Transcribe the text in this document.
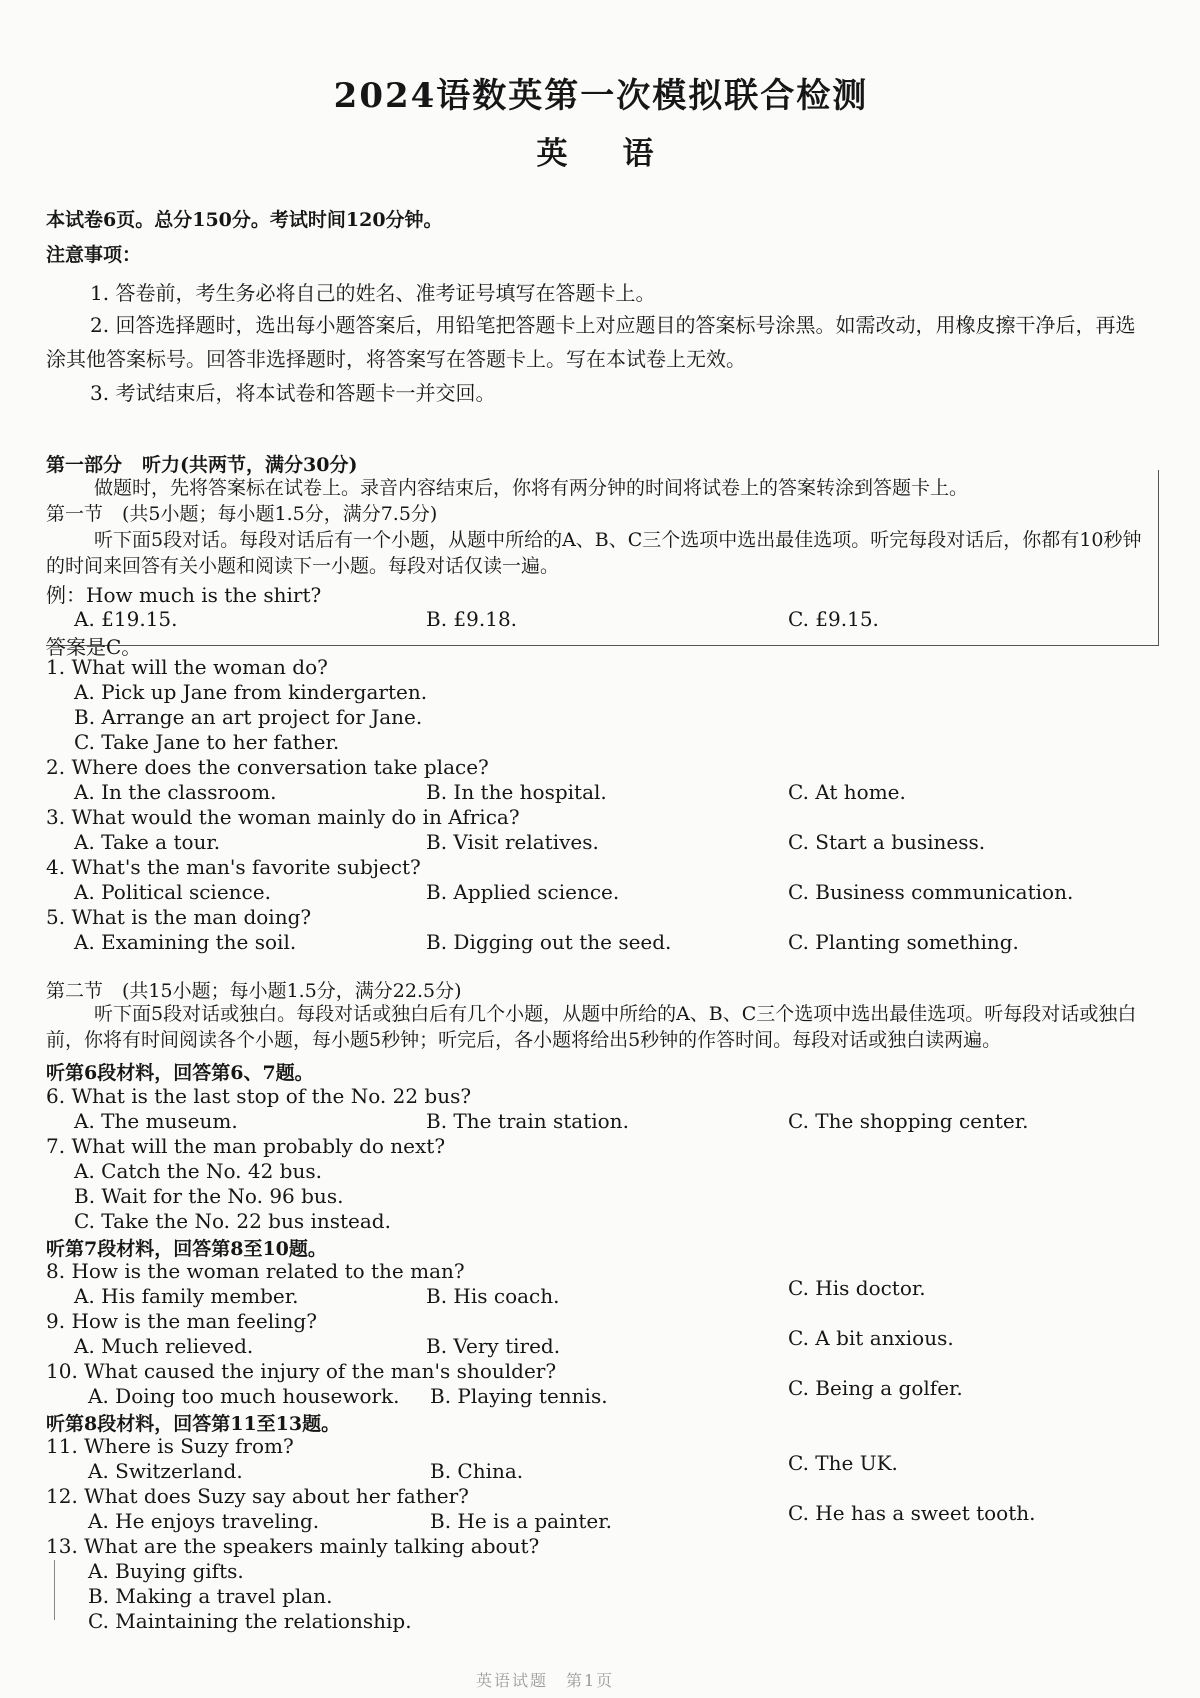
2024语数英第一次模拟联合检测
英　语
本试卷6页。总分150分。考试时间120分钟。
注意事项：
1. 答卷前，考生务必将自己的姓名、准考证号填写在答题卡上。
2. 回答选择题时，选出每小题答案后，用铅笔把答题卡上对应题目的答案标号涂黑。如需改动，用橡皮擦干净后，再选涂其他答案标号。回答非选择题时，将答案写在答题卡上。写在本试卷上无效。
3. 考试结束后，将本试卷和答题卡一并交回。
第一部分 听力(共两节，满分30分)
做题时，先将答案标在试卷上。录音内容结束后，你将有两分钟的时间将试卷上的答案转涂到答题卡上。
第一节　(共5小题；每小题1.5分，满分7.5分)
听下面5段对话。每段对话后有一个小题，从题中所给的A、B、C三个选项中选出最佳选项。听完每段对话后，你都有10秒钟的时间来回答有关小题和阅读下一小题。每段对话仅读一遍。
例：How much is the shirt?
A. £19.15.	B. £9.18.	C. £9.15.
答案是C。
1. What will the woman do?
A. Pick up Jane from kindergarten.
B. Arrange an art project for Jane.
C. Take Jane to her father.
2. Where does the conversation take place?
A. In the classroom.	B. In the hospital.	C. At home.
3. What would the woman mainly do in Africa?
A. Take a tour.	B. Visit relatives.	C. Start a business.
4. What's the man's favorite subject?
A. Political science.	B. Applied science.	C. Business communication.
5. What is the man doing?
A. Examining the soil.	B. Digging out the seed.	C. Planting something.
第二节　(共15小题；每小题1.5分，满分22.5分)
听下面5段对话或独白。每段对话或独白后有几个小题，从题中所给的A、B、C三个选项中选出最佳选项。听每段对话或独白前，你将有时间阅读各个小题，每小题5秒钟；听完后，各小题将给出5秒钟的作答时间。每段对话或独白读两遍。
听第6段材料，回答第6、7题。
6. What is the last stop of the No. 22 bus?
A. The museum.	B. The train station.	C. The shopping center.
7. What will the man probably do next?
A. Catch the No. 42 bus.
B. Wait for the No. 96 bus.
C. Take the No. 22 bus instead.
听第7段材料，回答第8至10题。
8. How is the woman related to the man?
A. His family member.	B. His coach.	C. His doctor.
9. How is the man feeling?
A. Much relieved.	B. Very tired.	C. A bit anxious.
10. What caused the injury of the man's shoulder?
A. Doing too much housework. B. Playing tennis.	C. Being a golfer.
听第8段材料，回答第11至13题。
11. Where is Suzy from?
A. Switzerland.	B. China.	C. The UK.
12. What does Suzy say about her father?
A. He enjoys traveling.	B. He is a painter.	C. He has a sweet tooth.
13. What are the speakers mainly talking about?
A. Buying gifts.
B. Making a travel plan.
C. Maintaining the relationship.
英语试题　第1页
